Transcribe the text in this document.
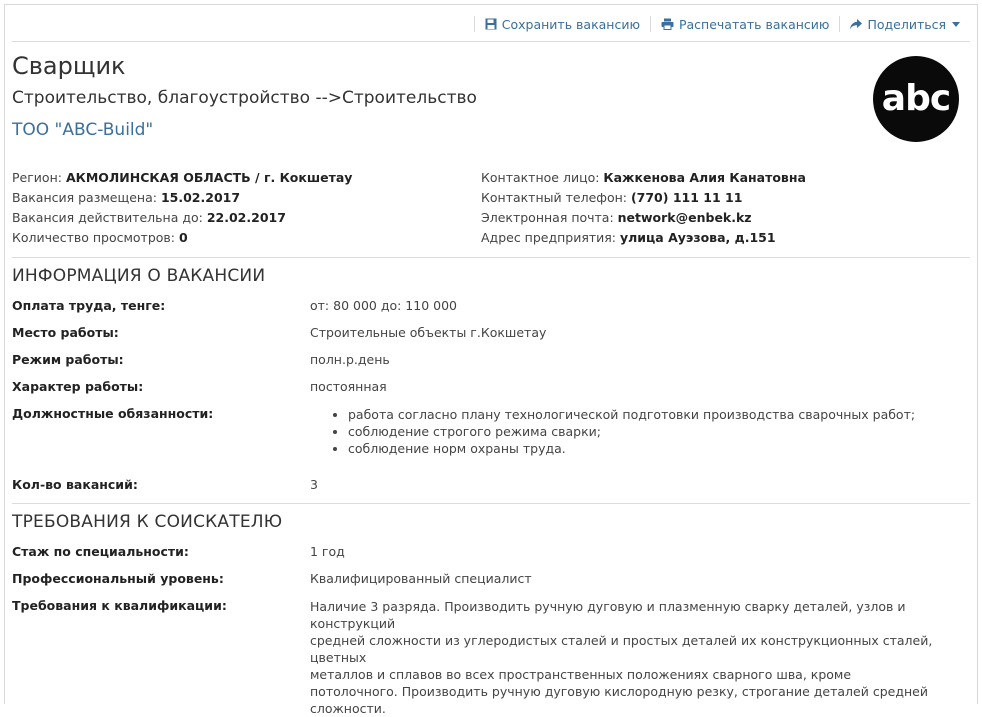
Сохранить вакансию	Распечатать вакансию	Поделиться
Сварщик
Строительство, благоустройство -->Строительство
ТОО "ABC-Build"
abc
Регион: АКМОЛИНСКАЯ ОБЛАСТЬ / г. Кокшетау
Вакансия размещена: 15.02.2017
Вакансия действительна до: 22.02.2017
Количество просмотров: 0
Контактное лицо: Кажкенова Алия Канатовна
Контактный телефон: (770) 111 11 11
Электронная почта: network@enbek.kz
Адрес предприятия: улица Ауэзова, д.151
ИНФОРМАЦИЯ О ВАКАНСИИ
Оплата труда, тенге:	от: 80 000 до: 110 000
Место работы:	Строительные объекты г.Кокшетау
Режим работы:	полн.р.день
Характер работы:	постоянная
Должностные обязанности:
•	работа согласно плану технологической подготовки производства сварочных работ;
• соблюдение строгого режима сварки;
• соблюдение норм охраны труда.
Кол-во вакансий:	3
ТРЕБОВАНИЯ К СОИСКАТЕЛЮ
Стаж по специальности:	1 год
Профессиональный уровень:	Квалифицированный специалист
Требования к квалификации:	Наличие 3 разряда. Производить ручную дуговую и плазменную сварку деталей, узлов и конструкций
средней сложности из углеродистых сталей и простых деталей их конструкционных сталей, цветных
металлов и сплавов во всех пространственных положениях сварного шва, кроме
потолочного. Производить ручную дуговую кислородную резку, строгание деталей средней
сложности.
